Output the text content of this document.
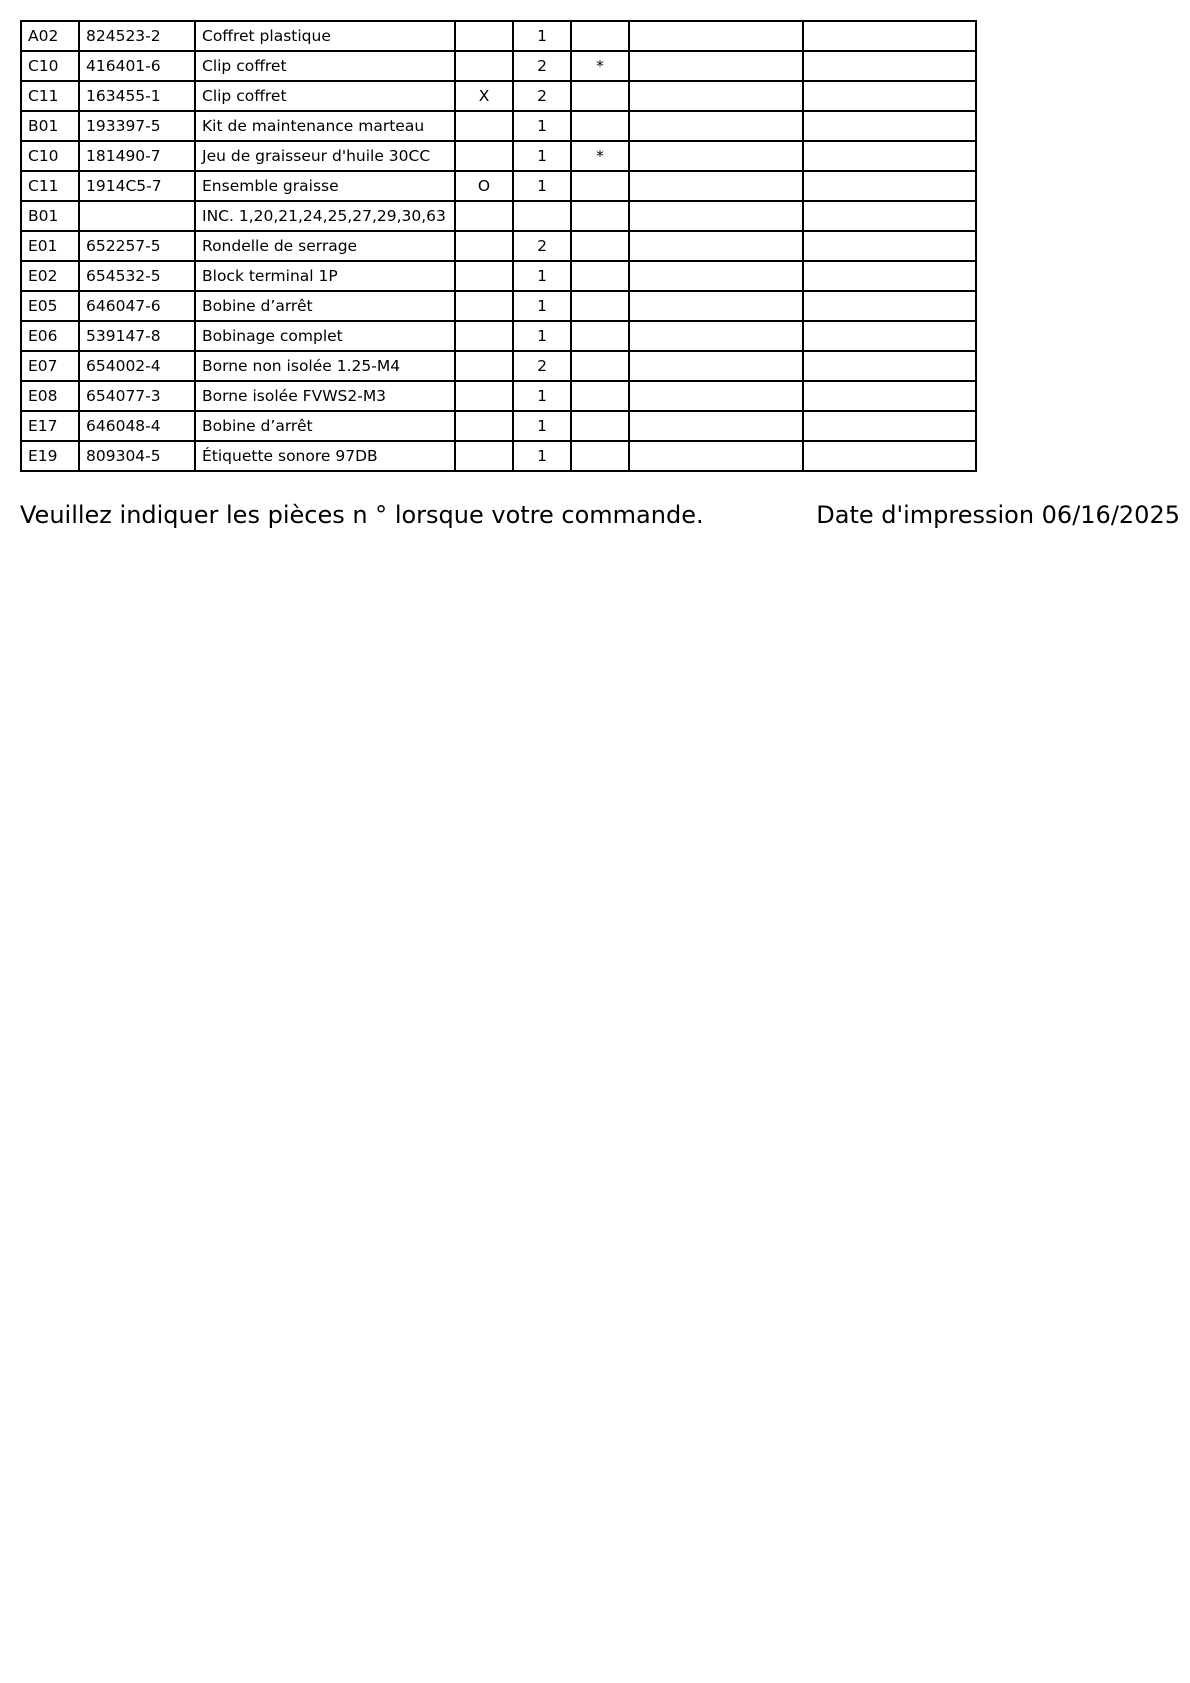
A02	824523-2	Coffret plastique		1			
C10	416401-6	Clip coffret		2	*		
C11	163455-1	Clip coffret	X	2			
B01	193397-5	Kit de maintenance marteau		1			
C10	181490-7	Jeu de graisseur d'huile 30CC		1	*		
C11	1914C5-7	Ensemble graisse	O	1			
B01		INC. 1,20,21,24,25,27,29,30,63					
E01	652257-5	Rondelle de serrage		2			
E02	654532-5	Block terminal 1P		1			
E05	646047-6	Bobine d’arrêt		1			
E06	539147-8	Bobinage complet		1			
E07	654002-4	Borne non isolée 1.25-M4		2			
E08	654077-3	Borne isolée FVWS2-M3		1			
E17	646048-4	Bobine d’arrêt		1			
E19	809304-5	Étiquette sonore 97DB		1			
Veuillez indiquer les pièces n ° lorsque votre commande.	Date d'impression 06/16/2025
